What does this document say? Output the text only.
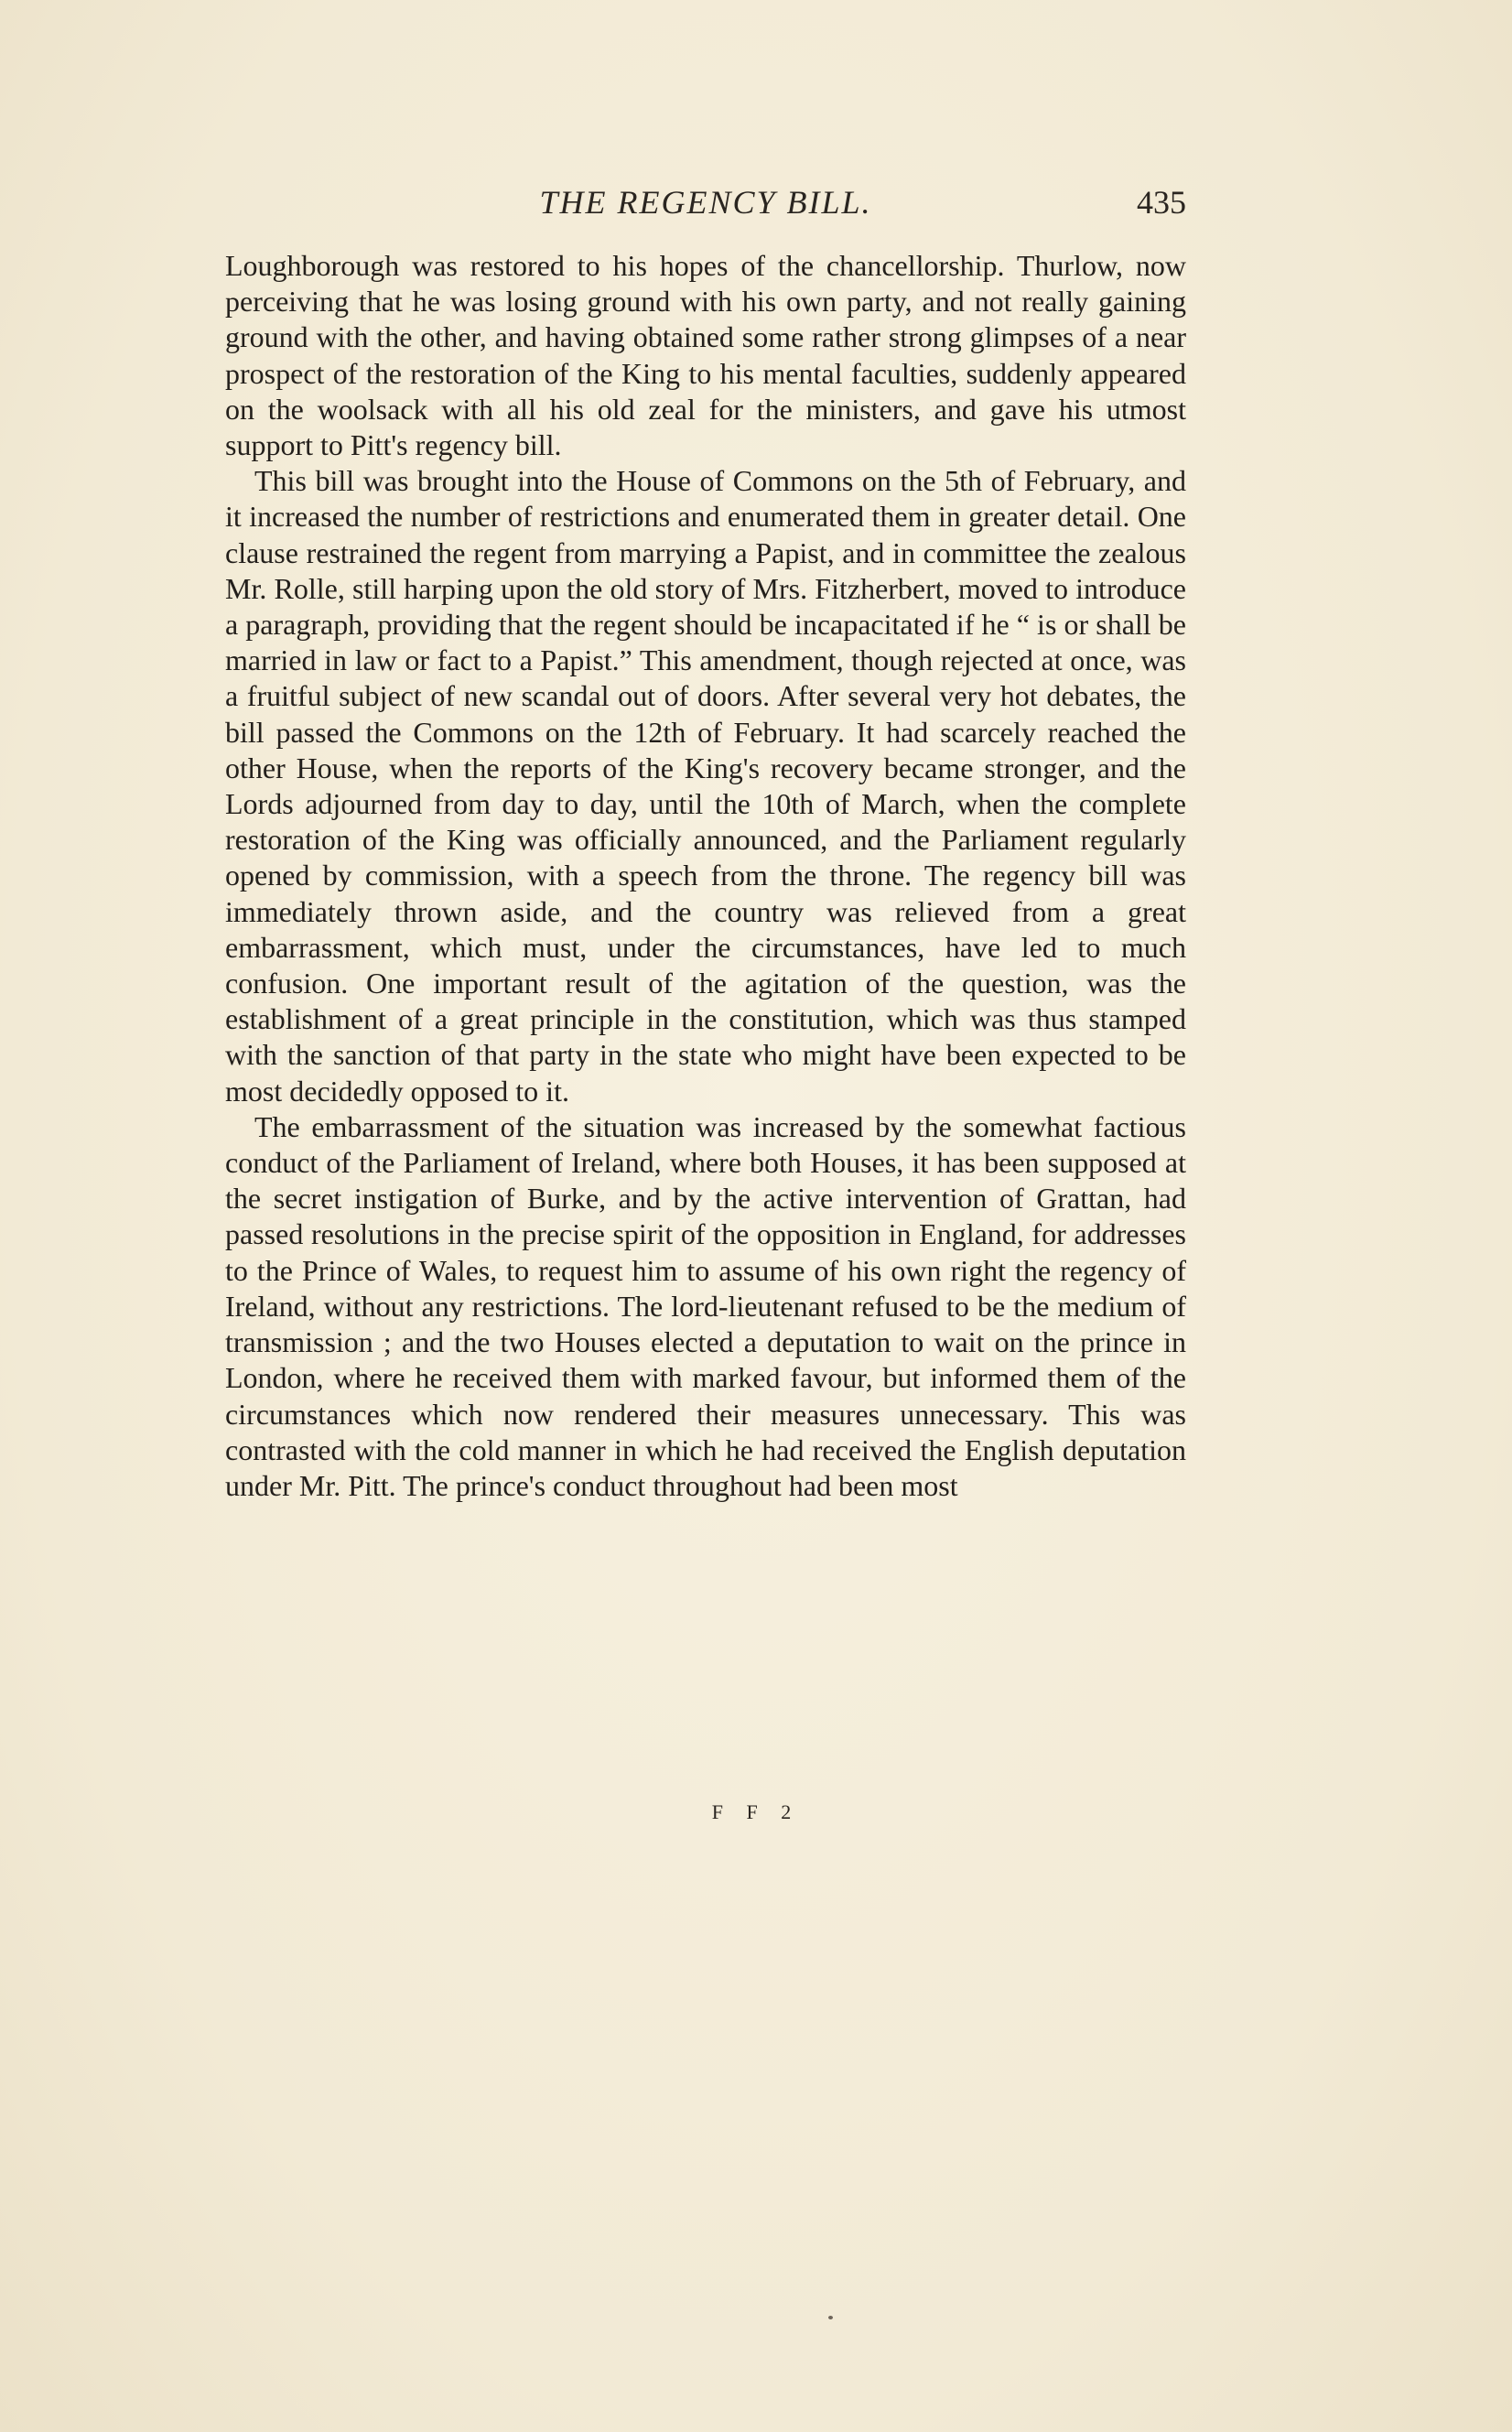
THE REGENCY BILL.	435

Loughborough was restored to his hopes of the chancellorship. Thurlow, now perceiving that he was losing ground with his own party, and not really gaining ground with the other, and having obtained some rather strong glimpses of a near prospect of the restoration of the King to his mental faculties, suddenly appeared on the woolsack with all his old zeal for the ministers, and gave his utmost support to Pitt's regency bill.

This bill was brought into the House of Commons on the 5th of February, and it increased the number of restrictions and enumerated them in greater detail. One clause restrained the regent from marrying a Papist, and in committee the zealous Mr. Rolle, still harping upon the old story of Mrs. Fitzherbert, moved to introduce a paragraph, providing that the regent should be incapacitated if he “ is or shall be married in law or fact to a Papist.” This amendment, though rejected at once, was a fruitful subject of new scandal out of doors. After several very hot debates, the bill passed the Commons on the 12th of February. It had scarcely reached the other House, when the reports of the King's recovery became stronger, and the Lords adjourned from day to day, until the 10th of March, when the complete restoration of the King was officially announced, and the Parliament regularly opened by commission, with a speech from the throne. The regency bill was immediately thrown aside, and the country was relieved from a great embarrassment, which must, under the circumstances, have led to much confusion. One important result of the agitation of the question, was the establishment of a great principle in the constitution, which was thus stamped with the sanction of that party in the state who might have been expected to be most decidedly opposed to it.

The embarrassment of the situation was increased by the somewhat factious conduct of the Parliament of Ireland, where both Houses, it has been supposed at the secret instigation of Burke, and by the active intervention of Grattan, had passed resolutions in the precise spirit of the opposition in England, for addresses to the Prince of Wales, to request him to assume of his own right the regency of Ireland, without any restrictions. The lord-lieutenant refused to be the medium of transmission ; and the two Houses elected a deputation to wait on the prince in London, where he received them with marked favour, but informed them of the circumstances which now rendered their measures unnecessary. This was contrasted with the cold manner in which he had received the English deputation under Mr. Pitt. The prince's conduct throughout had been most

F F 2
